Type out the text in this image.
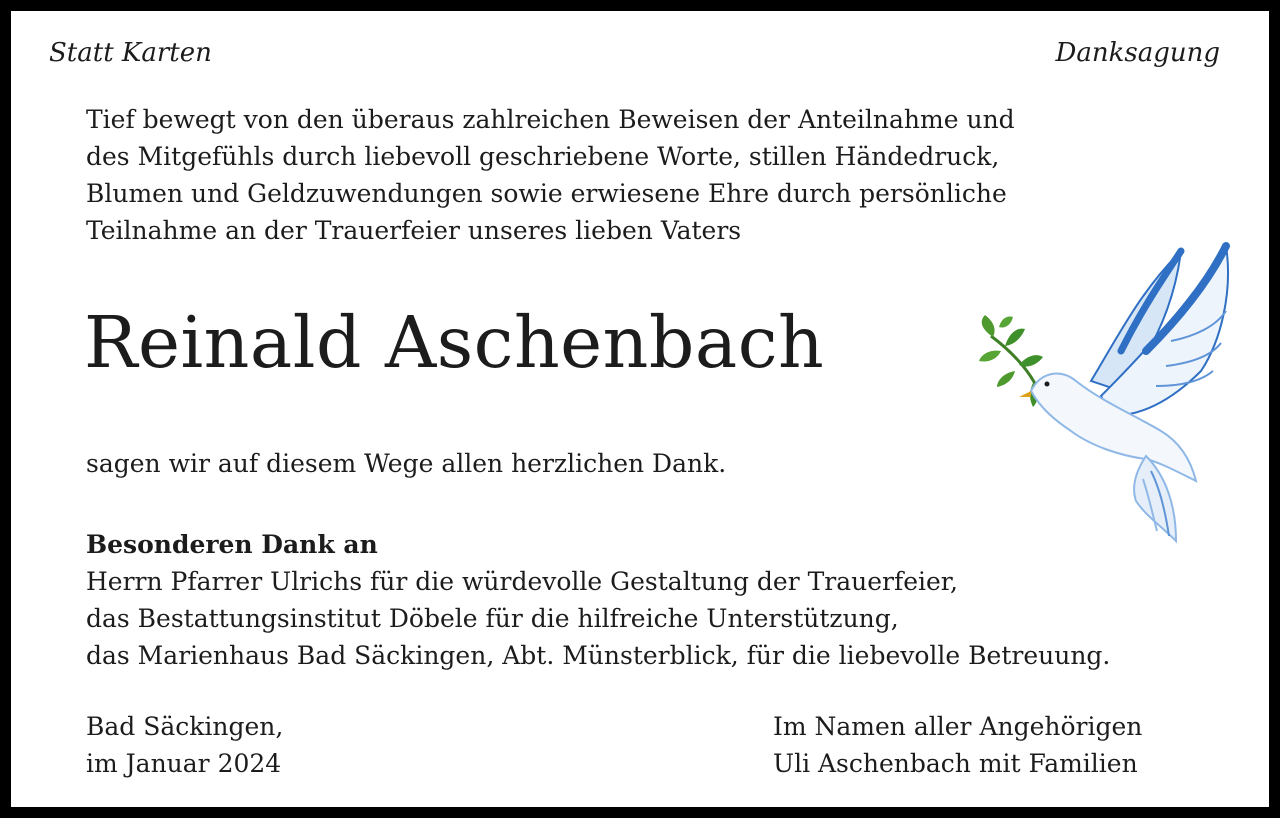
Statt Karten	Danksagung
Tief bewegt von den überaus zahlreichen Beweisen der Anteilnahme und
des Mitgefühls durch liebevoll geschriebene Worte, stillen Händedruck,
Blumen und Geldzuwendungen sowie erwiesene Ehre durch persönliche
Teilnahme an der Trauerfeier unseres lieben Vaters
Reinald Aschenbach
sagen wir auf diesem Wege allen herzlichen Dank.
Besonderen Dank an
Herrn Pfarrer Ulrichs für die würdevolle Gestaltung der Trauerfeier,
das Bestattungsinstitut Döbele für die hilfreiche Unterstützung,
das Marienhaus Bad Säckingen, Abt. Münsterblick, für die liebevolle Betreuung.
Bad Säckingen,
im Januar 2024
Im Namen aller Angehörigen
Uli Aschenbach mit Familien
